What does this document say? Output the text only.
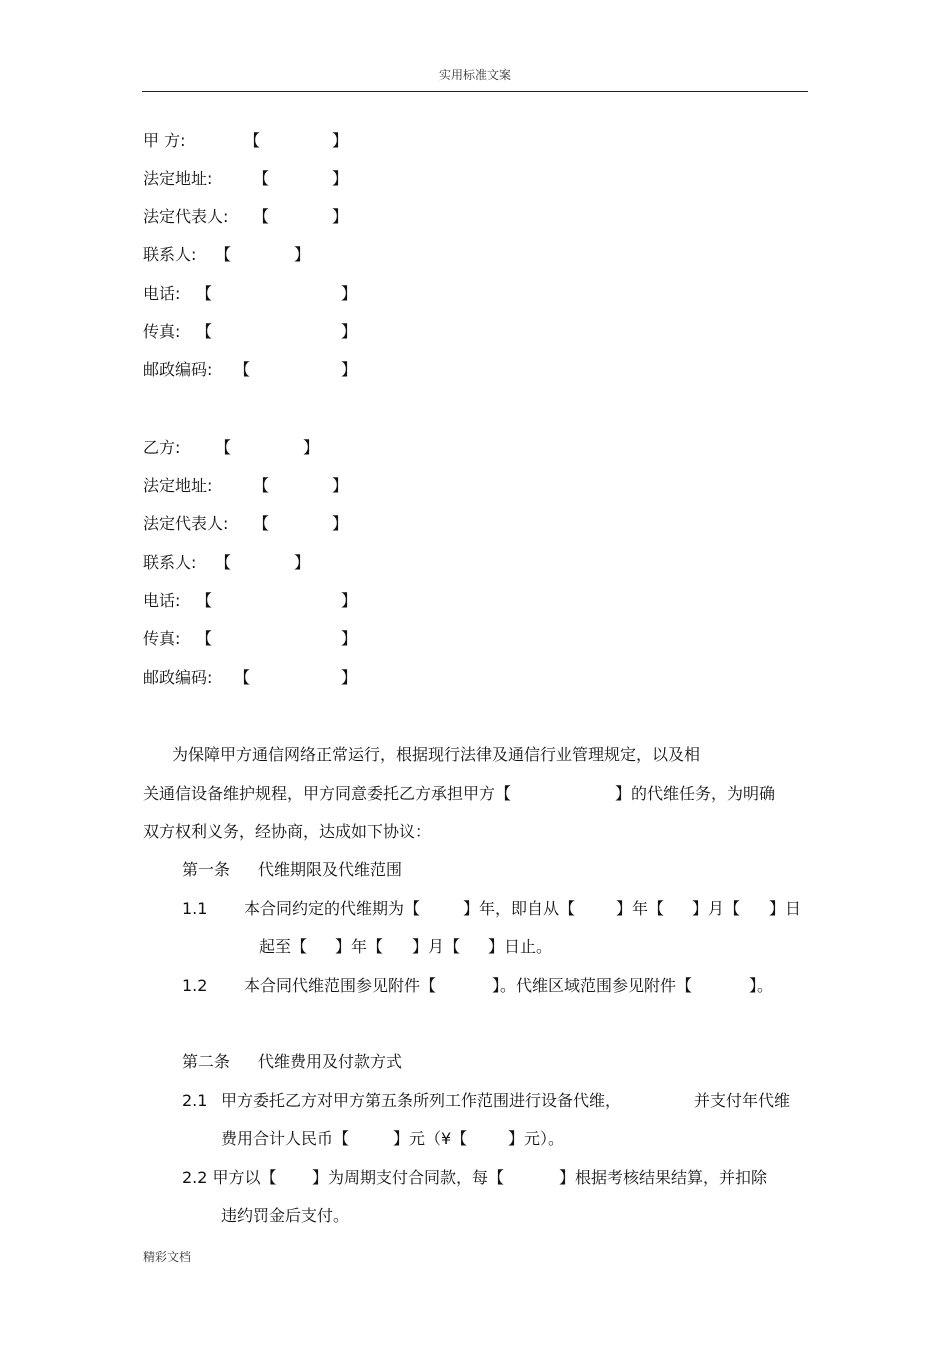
实用标准文案
甲 方:	【	】
法定地址:	【	】
法定代表人: 【	】
联系人: 【	】
电话: 【	】
传真: 【	】
邮政编码: 【	】
乙方: 【	】
法定地址:	【	】
法定代表人: 【	】
联系人: 【	】
电话: 【	】
传真: 【	】
邮政编码: 【	】
为保障甲方通信网络正常运行，根据现行法律及通信行业管理规定，以及相
关通信设备维护规程，甲方同意委托乙方承担甲方【	】的代维任务，为明确
双方权利义务，经协商，达成如下协议：
第一条 代维期限及代维范围
1.1 本合同约定的代维期为【	】年，即自从【	】年【 】月【 】日
起至【 】年【 】月【 】日止。
1.2 本合同代维范围参见附件【	】。代维区域范围参见附件【	】。
第二条 代维费用及付款方式
2.1 甲方委托乙方对甲方第五条所列工作范围进行设备代维，	并支付年代维
费用合计人民币【	】元（¥【	】元）。
2.2 甲方以【 】为周期支付合同款，每【	】根据考核结果结算，并扣除
违约罚金后支付。
精彩文档
